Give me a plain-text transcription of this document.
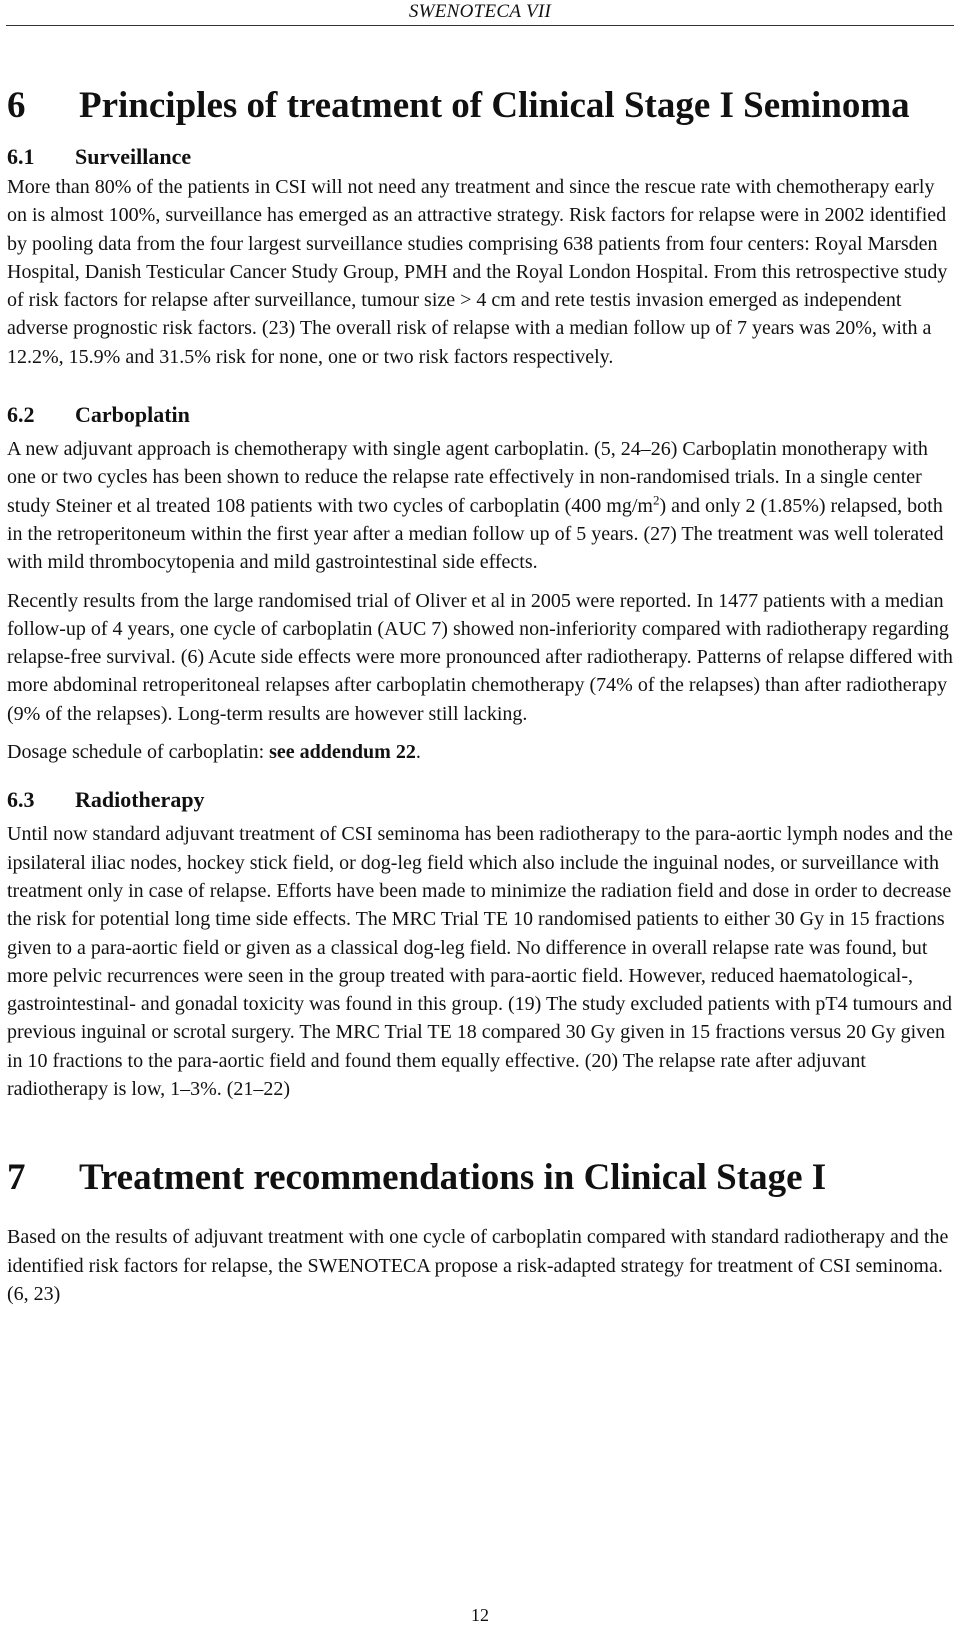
SWENOTECA VII
6 Principles of treatment of Clinical Stage I Seminoma
6.1 Surveillance

More than 80% of the patients in CSI will not need any treatment and since the rescue rate with chemotherapy early on is almost 100%, surveillance has emerged as an attractive strategy. Risk factors for relapse were in 2002 identified by pooling data from the four largest surveillance studies comprising 638 patients from four centers: Royal Marsden Hospital, Danish Testicular Cancer Study Group, PMH and the Royal London Hospital. From this retrospective study of risk factors for relapse after surveillance, tumour size > 4 cm and rete testis invasion emerged as independent adverse prognostic risk factors. (23) The overall risk of relapse with a median follow up of 7 years was 20%, with a 12.2%, 15.9% and 31.5% risk for none, one or two risk factors respectively.

6.2 Carboplatin

A new adjuvant approach is chemotherapy with single agent carboplatin. (5, 24–26) Carboplatin monotherapy with one or two cycles has been shown to reduce the relapse rate effectively in non-randomised trials. In a single center study Steiner et al treated 108 patients with two cycles of carboplatin (400 $mg/m^2$) and only 2 (1.85%) relapsed, both in the retroperitoneum within the first year after a median follow up of 5 years. (27) The treatment was well tolerated with mild thrombocytopenia and mild gastrointestinal side effects.

Recently results from the large randomised trial of Oliver et al in 2005 were reported. In 1477 patients with a median follow-up of 4 years, one cycle of carboplatin (AUC 7) showed non-inferiority compared with radiotherapy regarding relapse-free survival. (6) Acute side effects were more pronounced after radiotherapy. Patterns of relapse differed with more abdominal retroperitoneal relapses after carboplatin chemotherapy (74% of the relapses) than after radiotherapy (9% of the relapses). Long-term results are however still lacking.

Dosage schedule of carboplatin: see addendum 22.

6.3 Radiotherapy

Until now standard adjuvant treatment of CSI seminoma has been radiotherapy to the para-aortic lymph nodes and the ipsilateral iliac nodes, hockey stick field, or dog-leg field which also include the inguinal nodes, or surveillance with treatment only in case of relapse. Efforts have been made to minimize the radiation field and dose in order to decrease the risk for potential long time side effects. The MRC Trial TE 10 randomised patients to either 30 Gy in 15 fractions given to a para-aortic field or given as a classical dog-leg field. No difference in overall relapse rate was found, but more pelvic recurrences were seen in the group treated with para-aortic field. However, reduced haematological-, gastrointestinal- and gonadal toxicity was found in this group. (19) The study excluded patients with pT4 tumours and previous inguinal or scrotal surgery. The MRC Trial TE 18 compared 30 Gy given in 15 fractions versus 20 Gy given in 10 fractions to the para-aortic field and found them equally effective. (20) The relapse rate after adjuvant radiotherapy is low, 1–3%. (21–22)

7 Treatment recommendations in Clinical Stage I

Based on the results of adjuvant treatment with one cycle of carboplatin compared with standard radiotherapy and the identified risk factors for relapse, the SWENOTECA propose a risk-adapted strategy for treatment of CSI seminoma. (6, 23)

12
